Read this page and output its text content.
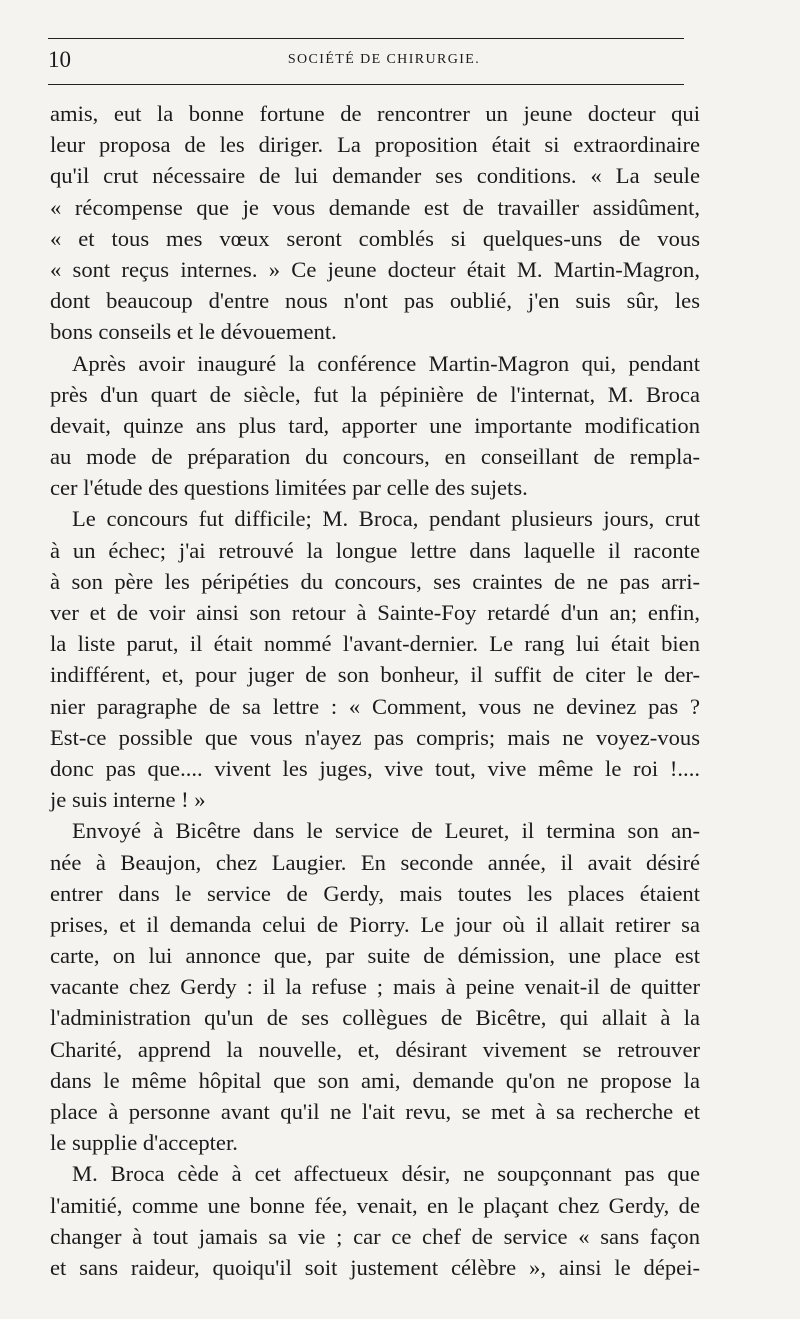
10	SOCIÉTÉ DE CHIRURGIE.
amis, eut la bonne fortune de rencontrer un jeune docteur qui
leur proposa de les diriger. La proposition était si extraordinaire
qu'il crut nécessaire de lui demander ses conditions. « La seule
« récompense que je vous demande est de travailler assidûment,
« et tous mes vœux seront comblés si quelques-uns de vous
« sont reçus internes. » Ce jeune docteur était M. Martin-Magron,
dont beaucoup d'entre nous n'ont pas oublié, j'en suis sûr, les
bons conseils et le dévouement.
Après avoir inauguré la conférence Martin-Magron qui, pendant
près d'un quart de siècle, fut la pépinière de l'internat, M. Broca
devait, quinze ans plus tard, apporter une importante modification
au mode de préparation du concours, en conseillant de rempla-
cer l'étude des questions limitées par celle des sujets.
Le concours fut difficile; M. Broca, pendant plusieurs jours, crut
à un échec; j'ai retrouvé la longue lettre dans laquelle il raconte
à son père les péripéties du concours, ses craintes de ne pas arri-
ver et de voir ainsi son retour à Sainte-Foy retardé d'un an; enfin,
la liste parut, il était nommé l'avant-dernier. Le rang lui était bien
indifférent, et, pour juger de son bonheur, il suffit de citer le der-
nier paragraphe de sa lettre : « Comment, vous ne devinez pas ?
Est-ce possible que vous n'ayez pas compris; mais ne voyez-vous
donc pas que.... vivent les juges, vive tout, vive même le roi !....
je suis interne ! »
Envoyé à Bicêtre dans le service de Leuret, il termina son an-
née à Beaujon, chez Laugier. En seconde année, il avait désiré
entrer dans le service de Gerdy, mais toutes les places étaient
prises, et il demanda celui de Piorry. Le jour où il allait retirer sa
carte, on lui annonce que, par suite de démission, une place est
vacante chez Gerdy : il la refuse ; mais à peine venait-il de quitter
l'administration qu'un de ses collègues de Bicêtre, qui allait à la
Charité, apprend la nouvelle, et, désirant vivement se retrouver
dans le même hôpital que son ami, demande qu'on ne propose la
place à personne avant qu'il ne l'ait revu, se met à sa recherche et
le supplie d'accepter.
M. Broca cède à cet affectueux désir, ne soupçonnant pas que
l'amitié, comme une bonne fée, venait, en le plaçant chez Gerdy, de
changer à tout jamais sa vie ; car ce chef de service « sans façon
et sans raideur, quoiqu'il soit justement célèbre », ainsi le dépei-
